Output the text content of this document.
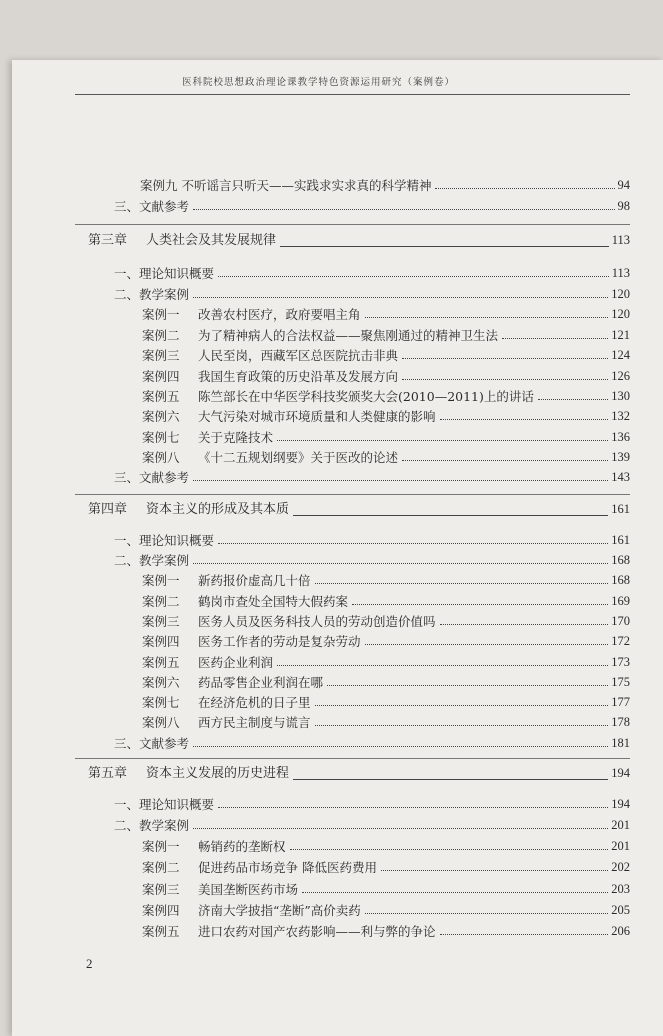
医科院校思想政治理论课教学特色资源运用研究（案例卷）
案例九 不听谣言只听天——实践求实求真的科学精神	94
三、文献参考	98
第三章 人类社会及其发展规律	113
一、理论知识概要	113
二、教学案例	120
案例一 改善农村医疗，政府要唱主角	120
案例二 为了精神病人的合法权益——聚焦刚通过的精神卫生法	121
案例三 人民至岗，西藏军区总医院抗击非典	124
案例四 我国生育政策的历史沿革及发展方向	126
案例五 陈竺部长在中华医学科技奖颁奖大会(2010—2011)上的讲话	130
案例六 大气污染对城市环境质量和人类健康的影响	132
案例七 关于克隆技术	136
案例八 《十二五规划纲要》关于医改的论述	139
三、文献参考	143
第四章 资本主义的形成及其本质	161
一、理论知识概要	161
二、教学案例	168
案例一 新药报价虚高几十倍	168
案例二 鹤岗市查处全国特大假药案	169
案例三 医务人员及医务科技人员的劳动创造价值吗	170
案例四 医务工作者的劳动是复杂劳动	172
案例五 医药企业利润	173
案例六 药品零售企业利润在哪	175
案例七 在经济危机的日子里	177
案例八 西方民主制度与谎言	178
三、文献参考	181
第五章 资本主义发展的历史进程	194
一、理论知识概要	194
二、教学案例	201
案例一 畅销药的垄断权	201
案例二 促进药品市场竞争 降低医药费用	202
案例三 美国垄断医药市场	203
案例四 济南大学披指“垄断”高价卖药	205
案例五 进口农药对国产农药影响——利与弊的争论	206
2
